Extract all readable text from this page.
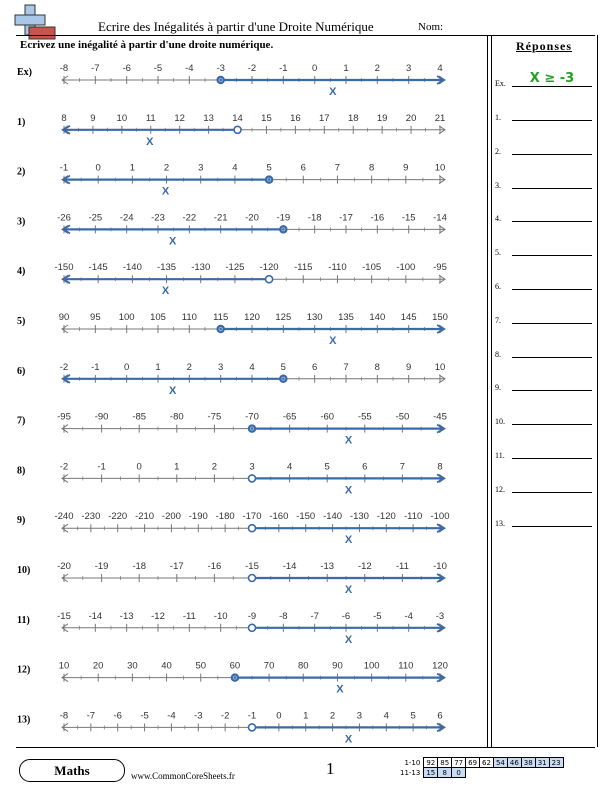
Ecrire des Inégalités à partir d'une Droite Numérique	Nom:
Ecrivez une inégalité à partir d'une droite numérique.	Réponses
Ex.	X ≥ -3
1.
2.
3.
4.
5.
6.
7.
8.
9.
10.
11.
12.
13.
Ex)	-8 -7 -6 -5 -4 -3 -2 -1	0	1	2	3	4
X
1)	8 9 10 11 12 13 14 15 16 17 18 19 20 21
X
2)	-1	0	1	2	3	4	5	6	7	8	9	10
X
3)	-26 -25 -24 -23 -22 -21 -20 -19 -18 -17 -16 -15 -14
X
4)	-150 -145 -140 -135 -130 -125 -120 -115 -110 -105 -100 -95
X
5)	90 95 100 105 110 115 120 125 130 135 140 145 150
X
6)	-2 -1	0	1	2	3	4	5	6	7	8	9 10
X
7)	-95	-90	-85	-80	-75	-70	-65	-60	-55	-50	-45
X
8)	-2	-1	0	1	2	3	4	5	6	7	8
X
9)	-240 -230 -220 -210 -200 -190 -180 -170 -160 -150 -140 -130 -120 -110 -100
X
10)	-20	-19	-18	-17	-16	-15	-14	-13	-12	-11	-10
X
11)	-15 -14 -13 -12 -11 -10 -9 -8 -7 -6 -5 -4 -3
X
12)	10 20 30 40 50 60 70 80 90 100 110 120
X
13)	-8 -7 -6 -5 -4 -3 -2 -1 0 1 2 3 4 5 6
X
Maths	www.CommonCoreSheets.fr	1	1-10	92	85	77	69	62	54	46	38	31	23
11-13	15	8	0							
